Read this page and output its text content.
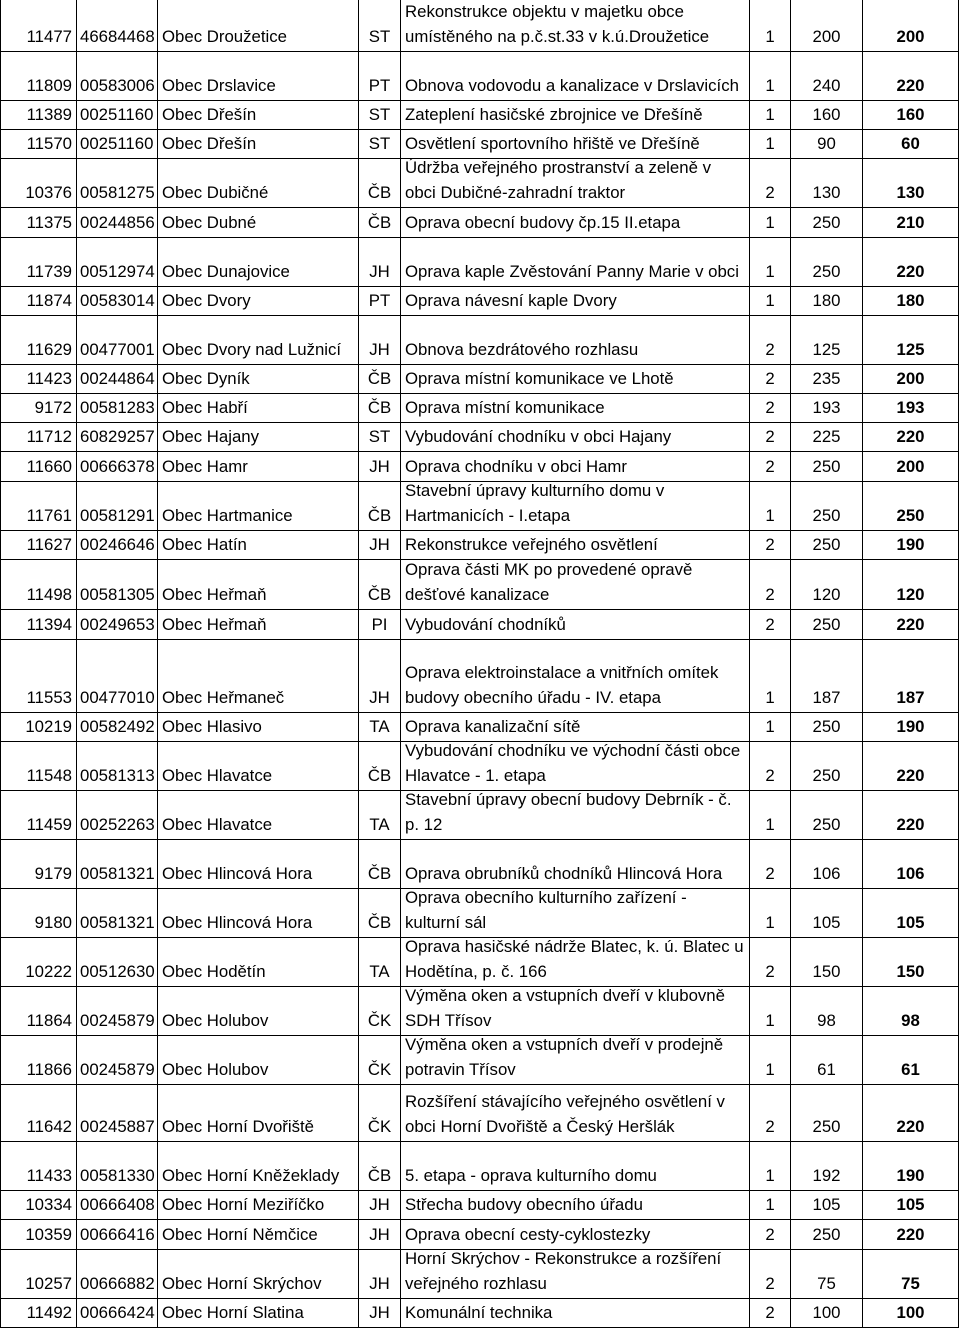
11477 46684468 Obec Droužetice	ST
Rekonstrukce objektu v majetku obce
umístěného na p.č.st.33 v k.ú.Droužetice	1	200	200
11809 00583006 Obec Drslavice	PT Obnova vodovodu a kanalizace v Drslavicích	1	240	220
11389 00251160 Obec Dřešín	ST Zateplení hasičské zbrojnice ve Dřešíně	1	160	160
11570 00251160 Obec Dřešín	ST Osvětlení sportovního hřiště ve Dřešíně	1	90	60
10376 00581275 Obec Dubičné	ČB
Údržba veřejného prostranství a zeleně v
obci Dubičné-zahradní traktor	2	130	130
11375 00244856 Obec Dubné	ČB Oprava obecní budovy čp.15 II.etapa	1	250	210
11739 00512974 Obec Dunajovice	JH Oprava kaple Zvěstování Panny Marie v obci	1	250	220
11874 00583014 Obec Dvory	PT Oprava návesní kaple Dvory	1	180	180
11629 00477001 Obec Dvory nad Lužnicí	JH Obnova bezdrátového rozhlasu	2	125	125
11423 00244864 Obec Dyník	ČB Oprava místní komunikace ve Lhotě	2	235	200
9172 00581283 Obec Habří	ČB Oprava místní komunikace	2	193	193
11712 60829257 Obec Hajany	ST Vybudování chodníku v obci Hajany	2	225	220
11660 00666378 Obec Hamr	JH Oprava chodníku v obci Hamr	2	250	200
11761 00581291 Obec Hartmanice	ČB
Stavební úpravy kulturního domu v
Hartmanicích - I.etapa	1	250	250
11627 00246646 Obec Hatín	JH Rekonstrukce veřejného osvětlení	2	250	190
11498 00581305 Obec Heřmaň	ČB
Oprava části MK po provedené opravě
dešťové kanalizace	2	120	120
11394 00249653 Obec Heřmaň	PI	Vybudování chodníků	2	250	220
11553 00477010 Obec Heřmaneč	JH
Oprava elektroinstalace a vnitřních omítek
budovy obecního úřadu - IV. etapa	1	187	187
10219 00582492 Obec Hlasivo	TA Oprava kanalizační sítě	1	250	190
11548 00581313 Obec Hlavatce	ČB
Vybudování chodníku ve východní části obce
Hlavatce - 1. etapa	2	250	220
11459 00252263 Obec Hlavatce	TA
Stavební úpravy obecní budovy Debrník - č.
p. 12	1	250	220
9179 00581321 Obec Hlincová Hora	ČB Oprava obrubníků chodníků Hlincová Hora	2	106	106
9180 00581321 Obec Hlincová Hora	ČB
Oprava obecního kulturního zařízení -
kulturní sál	1	105	105
10222 00512630 Obec Hodětín	TA
Oprava hasičské nádrže Blatec, k. ú. Blatec u
Hodětína, p. č. 166	2	150	150
11864 00245879 Obec Holubov	ČK
Výměna oken a vstupních dveří v klubovně
SDH Třísov	1	98	98
11866 00245879 Obec Holubov	ČK
Výměna oken a vstupních dveří v prodejně
potravin Třísov	1	61	61
11642 00245887 Obec Horní Dvořiště	ČK
Rozšíření stávajícího veřejného osvětlení v
obci Horní Dvořiště a Český Heršlák	2	250	220
11433 00581330 Obec Horní Kněžeklady	ČB 5. etapa - oprava kulturního domu	1	192	190
10334 00666408 Obec Horní Meziříčko	JH Střecha budovy obecního úřadu	1	105	105
10359 00666416 Obec Horní Němčice	JH Oprava obecní cesty-cyklostezky	2	250	220
10257 00666882 Obec Horní Skrýchov	JH
Horní Skrýchov - Rekonstrukce a rozšíření
veřejného rozhlasu	2	75	75
11492 00666424 Obec Horní Slatina	JH Komunální technika	2	100	100
